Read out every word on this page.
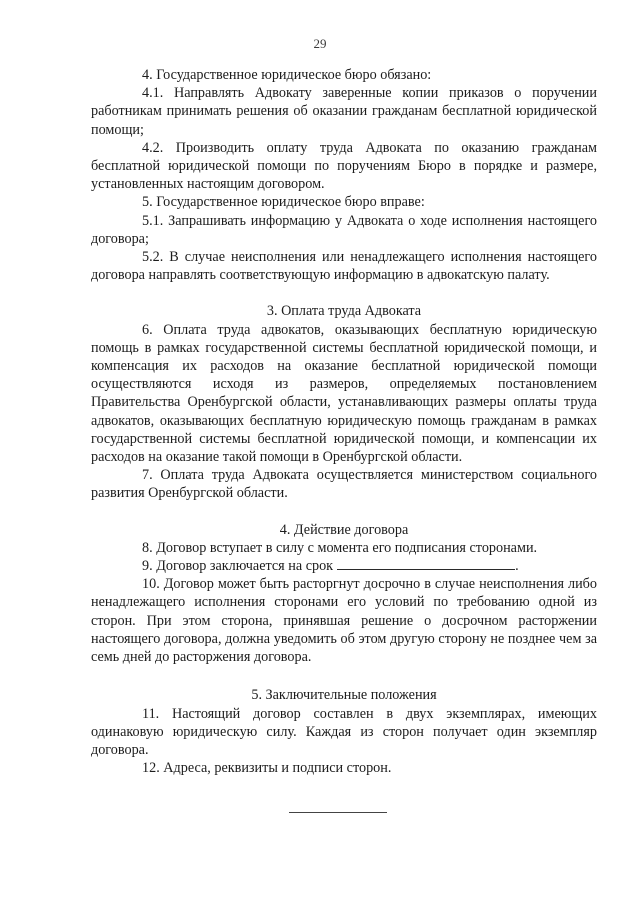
29

4. Государственное юридическое бюро обязано:

4.1. Направлять Адвокату заверенные копии приказов о поручении работникам принимать решения об оказании гражданам бесплатной юридической помощи;

4.2. Производить оплату труда Адвоката по оказанию гражданам бесплатной юридической помощи по поручениям Бюро в порядке и размере, установленных настоящим договором.

5. Государственное юридическое бюро вправе:

5.1. Запрашивать информацию у Адвоката о ходе исполнения настоящего договора;

5.2. В случае неисполнения или ненадлежащего исполнения настоящего договора направлять соответствующую информацию в адвокатскую палату.

3. Оплата труда Адвоката

6. Оплата труда адвокатов, оказывающих бесплатную юридическую помощь в рамках государственной системы бесплатной юридической помощи, и компенсация их расходов на оказание бесплатной юридической помощи осуществляются исходя из размеров, определяемых постановлением Правительства Оренбургской области, устанавливающих размеры оплаты труда адвокатов, оказывающих бесплатную юридическую помощь гражданам в рамках государственной системы бесплатной юридической помощи, и компенсации их расходов на оказание такой помощи в Оренбургской области.

7. Оплата труда Адвоката осуществляется министерством социального развития Оренбургской области.

4. Действие договора

8. Договор вступает в силу с момента его подписания сторонами.

9. Договор заключается на срок	.

10. Договор может быть расторгнут досрочно в случае неисполнения либо ненадлежащего исполнения сторонами его условий по требованию одной из сторон. При этом сторона, принявшая решение о досрочном расторжении настоящего договора, должна уведомить об этом другую сторону не позднее чем за семь дней до расторжения договора.

5. Заключительные положения

11. Настоящий договор составлен в двух экземплярах, имеющих одинаковую юридическую силу. Каждая из сторон получает один экземпляр договора.

12. Адреса, реквизиты и подписи сторон.
